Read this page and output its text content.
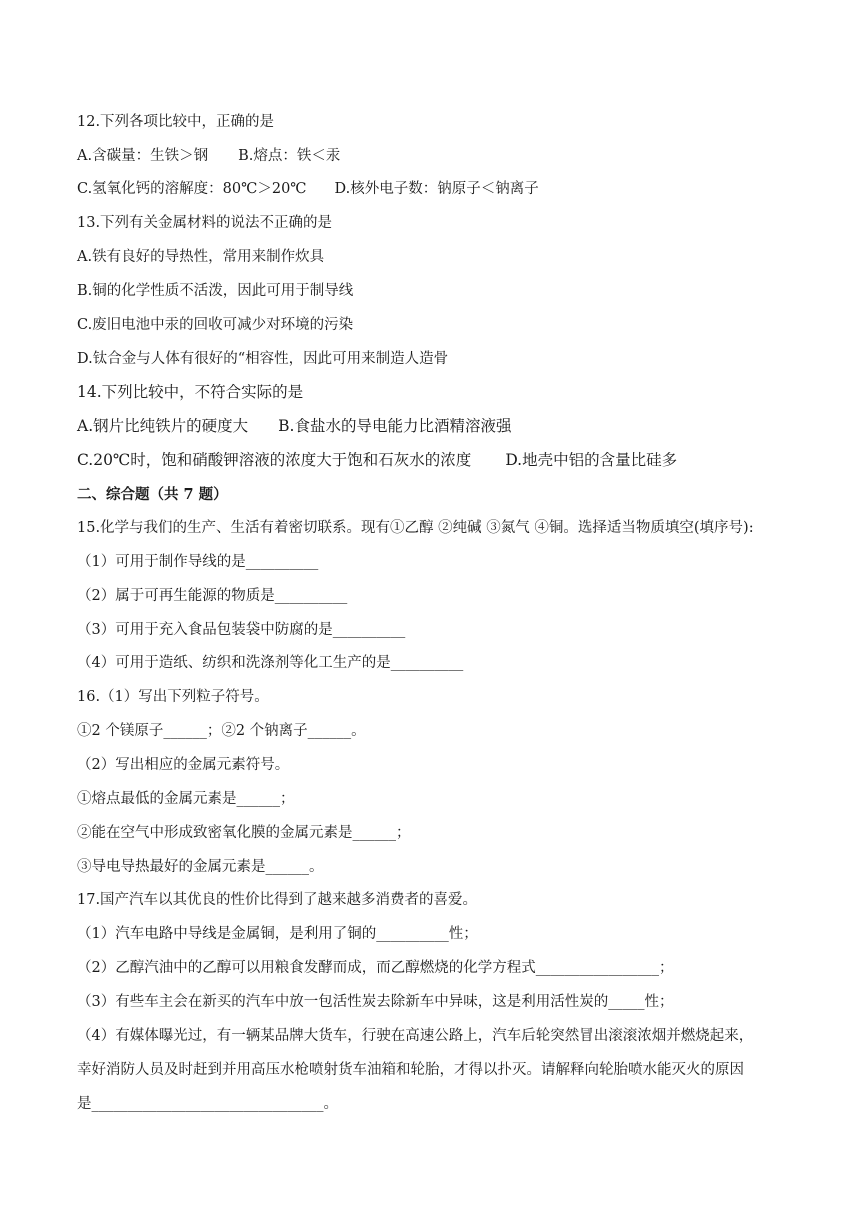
12.下列各项比较中，正确的是
A.含碳量：生铁＞钢 B.熔点：铁＜汞
C.氢氧化钙的溶解度：80℃＞20℃ D.核外电子数：钠原子＜钠离子
13.下列有关金属材料的说法不正确的是
A.铁有良好的导热性，常用来制作炊具
B.铜的化学性质不活泼，因此可用于制导线
C.废旧电池中汞的回收可减少对环境的污染
D.钛合金与人体有很好的“相容性，因此可用来制造人造骨
14.下列比较中，不符合实际的是
A.钢片比纯铁片的硬度大 B.食盐水的导电能力比酒精溶液强
C.20℃时，饱和硝酸钾溶液的浓度大于饱和石灰水的浓度 D.地壳中铝的含量比硅多
二、综合题（共 7 题）
15.化学与我们的生产、生活有着密切联系。现有①乙醇 ②纯碱 ③氮气 ④铜。选择适当物质填空(填序号):
（1）可用于制作导线的是__________
（2）属于可再生能源的物质是__________
（3）可用于充入食品包装袋中防腐的是__________
（4）可用于造纸、纺织和洗涤剂等化工生产的是__________
16.（1）写出下列粒子符号。
①2 个镁原子______；②2 个钠离子______。
（2）写出相应的金属元素符号。
①熔点最低的金属元素是______；
②能在空气中形成致密氧化膜的金属元素是______；
③导电导热最好的金属元素是______。
17.国产汽车以其优良的性价比得到了越来越多消费者的喜爱。
（1）汽车电路中导线是金属铜，是利用了铜的__________性；
（2）乙醇汽油中的乙醇可以用粮食发酵而成，而乙醇燃烧的化学方程式_________________；
（3）有些车主会在新买的汽车中放一包活性炭去除新车中异味，这是利用活性炭的_____性；
（4）有媒体曝光过，有一辆某品牌大货车，行驶在高速公路上，汽车后轮突然冒出滚滚浓烟并燃烧起来，
幸好消防人员及时赶到并用高压水枪喷射货车油箱和轮胎，才得以扑灭。请解释向轮胎喷水能灭火的原因
是________________________________。
